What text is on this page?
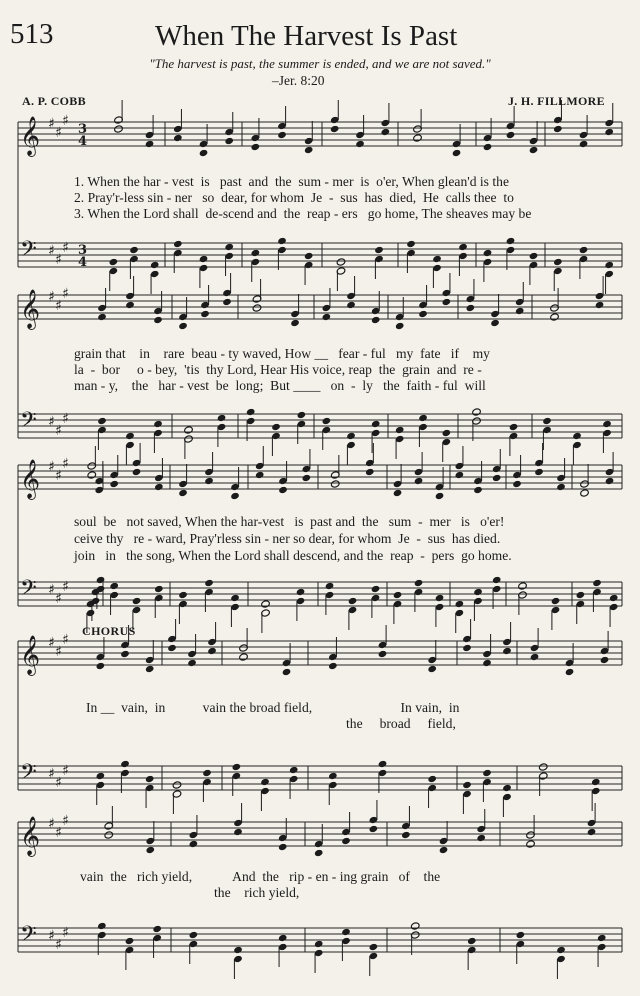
513	When The Harvest Is Past
"The harvest is past, the summer is ended, and we are not saved."
–Jer. 8:20
A. P. COBB	J. H. FILLMORE
𝄞 ♯
♯
♯
3
4
𝄢 ♯
♯
♯ 3
4
𝄞 ♯
♯
♯
𝄢 ♯
♯
♯
𝄞 ♯
♯
♯
𝄢 ♯
♯
♯
𝄞 ♯
♯
♯
𝄢 ♯
♯
♯
𝄞 ♯
♯
♯
𝄢 ♯
♯
♯
1. When the har - vest  is   past  and  the  sum - mer  is  o'er, When glean'd is the
2. Pray'r-less sin - ner   so  dear, for whom  Je  -  sus  has  died,  He  calls thee  to
3. When the Lord shall  de-scend and  the  reap - ers   go home, The sheaves may be
grain that    in    rare  beau - ty waved, How __   fear - ful   my  fate   if    my
la  -  bor     o - bey,  'tis  thy Lord, Hear His voice, reap  the  grain  and  re -
man - y,    the   har - vest  be  long;  But ____   on  -  ly   the  faith - ful  will
soul  be   not saved, When the har-vest   is  past and  the   sum  -  mer   is   o'er!
ceive thy   re - ward, Pray'rless sin - ner so dear, for whom  Je  -  sus  has died.
join   in   the song, When the Lord shall descend, and the  reap  -  pers  go home.
CHORUS
In __  vain,  in           vain the broad field,                          In vain,  in
the     broad     field,
vain  the   rich yield,            And  the   rip - en - ing grain   of    the
the    rich yield,
